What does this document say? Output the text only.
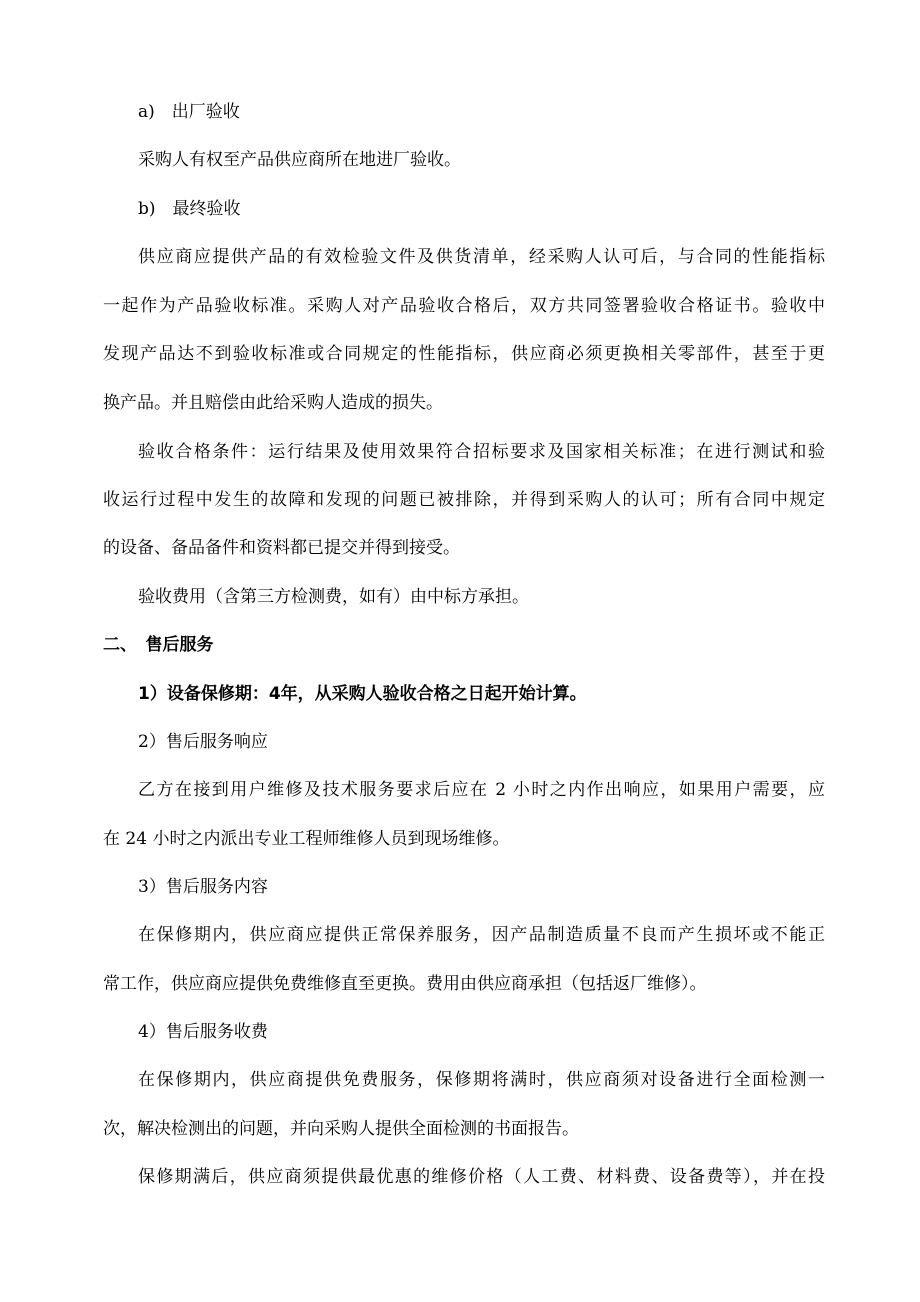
a)　出厂验收
采购人有权至产品供应商所在地进厂验收。
b)　最终验收
供应商应提供产品的有效检验文件及供货清单，经采购人认可后，与合同的性能指标
一起作为产品验收标准。采购人对产品验收合格后，双方共同签署验收合格证书。验收中
发现产品达不到验收标准或合同规定的性能指标，供应商必须更换相关零部件，甚至于更
换产品。并且赔偿由此给采购人造成的损失。
验收合格条件：运行结果及使用效果符合招标要求及国家相关标准；在进行测试和验
收运行过程中发生的故障和发现的问题已被排除，并得到采购人的认可；所有合同中规定
的设备、备品备件和资料都已提交并得到接受。
验收费用（含第三方检测费，如有）由中标方承担。
二、　售后服务
1）设备保修期：4年，从采购人验收合格之日起开始计算。
2）售后服务响应
乙方在接到用户维修及技术服务要求后应在 2 小时之内作出响应，如果用户需要，应
在 24 小时之内派出专业工程师维修人员到现场维修。
3）售后服务内容
在保修期内，供应商应提供正常保养服务，因产品制造质量不良而产生损坏或不能正
常工作，供应商应提供免费维修直至更换。费用由供应商承担（包括返厂维修）。
4）售后服务收费
在保修期内，供应商提供免费服务，保修期将满时，供应商须对设备进行全面检测一
次，解决检测出的问题，并向采购人提供全面检测的书面报告。
保修期满后，供应商须提供最优惠的维修价格（人工费、材料费、设备费等），并在投
